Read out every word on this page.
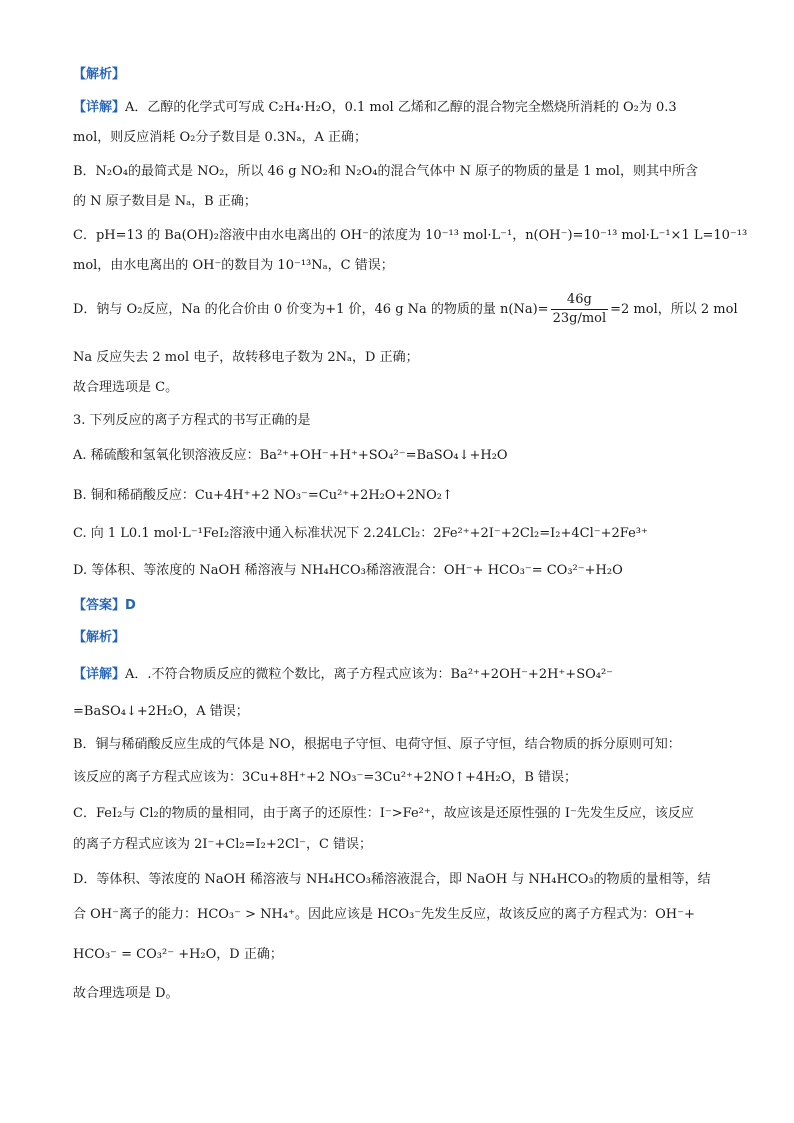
【解析】
【详解】A．乙醇的化学式可写成 C₂H₄·H₂O，0.1 mol 乙烯和乙醇的混合物完全燃烧所消耗的 O₂为 0.3
mol，则反应消耗 O₂分子数目是 0.3Nₐ，A 正确；
B．N₂O₄的最简式是 NO₂，所以 46 g NO₂和 N₂O₄的混合气体中 N 原子的物质的量是 1 mol，则其中所含
的 N 原子数目是 Nₐ，B 正确；
C．pH=13 的 Ba(OH)₂溶液中由水电离出的 OH⁻的浓度为 10⁻¹³ mol·L⁻¹，n(OH⁻)=10⁻¹³ mol·L⁻¹×1 L=10⁻¹³
mol，由水电离出的 OH⁻的数目为 10⁻¹³Nₐ，C 错误；
D．钠与 O₂反应，Na 的化合价由 0 价变为+1 价，46 g Na 的物质的量 $n(Na)= \frac{46g}{\text{23g/mol}} =2$ mol，所以 2 mol
Na 反应失去 2 mol 电子，故转移电子数为 2Nₐ，D 正确；
故合理选项是 C。
3. 下列反应的离子方程式的书写正确的是
A. 稀硫酸和氢氧化钡溶液反应：Ba²⁺+OH⁻+H⁺+SO₄²⁻=BaSO₄↓+H₂O
B. 铜和稀硝酸反应：Cu+4H⁺+2 NO₃⁻=Cu²⁺+2H₂O+2NO₂↑
C. 向 1 L0.1 mol·L⁻¹FeI₂溶液中通入标准状况下 2.24LCl₂：2Fe²⁺+2I⁻+2Cl₂=I₂+4Cl⁻+2Fe³⁺
D. 等体积、等浓度的 NaOH 稀溶液与 NH₄HCO₃稀溶液混合：OH⁻+ HCO₃⁻= CO₃²⁻+H₂O
【答案】D
【解析】
【详解】A．.不符合物质反应的微粒个数比，离子方程式应该为：Ba²⁺+2OH⁻+2H⁺+SO₄²⁻
=BaSO₄↓+2H₂O，A 错误；
B．铜与稀硝酸反应生成的气体是 NO，根据电子守恒、电荷守恒、原子守恒，结合物质的拆分原则可知：
该反应的离子方程式应该为：3Cu+8H⁺+2 NO₃⁻=3Cu²⁺+2NO↑+4H₂O，B 错误；
C．FeI₂与 Cl₂的物质的量相同，由于离子的还原性：I⁻>Fe²⁺，故应该是还原性强的 I⁻先发生反应，该反应
的离子方程式应该为 2I⁻+Cl₂=I₂+2Cl⁻，C 错误；
D．等体积、等浓度的 NaOH 稀溶液与 NH₄HCO₃稀溶液混合，即 NaOH 与 NH₄HCO₃的物质的量相等，结
合 OH⁻离子的能力：HCO₃⁻ > NH₄⁺。因此应该是 HCO₃⁻先发生反应，故该反应的离子方程式为：OH⁻+
HCO₃⁻ = CO₃²⁻ +H₂O，D 正确；
故合理选项是 D。
